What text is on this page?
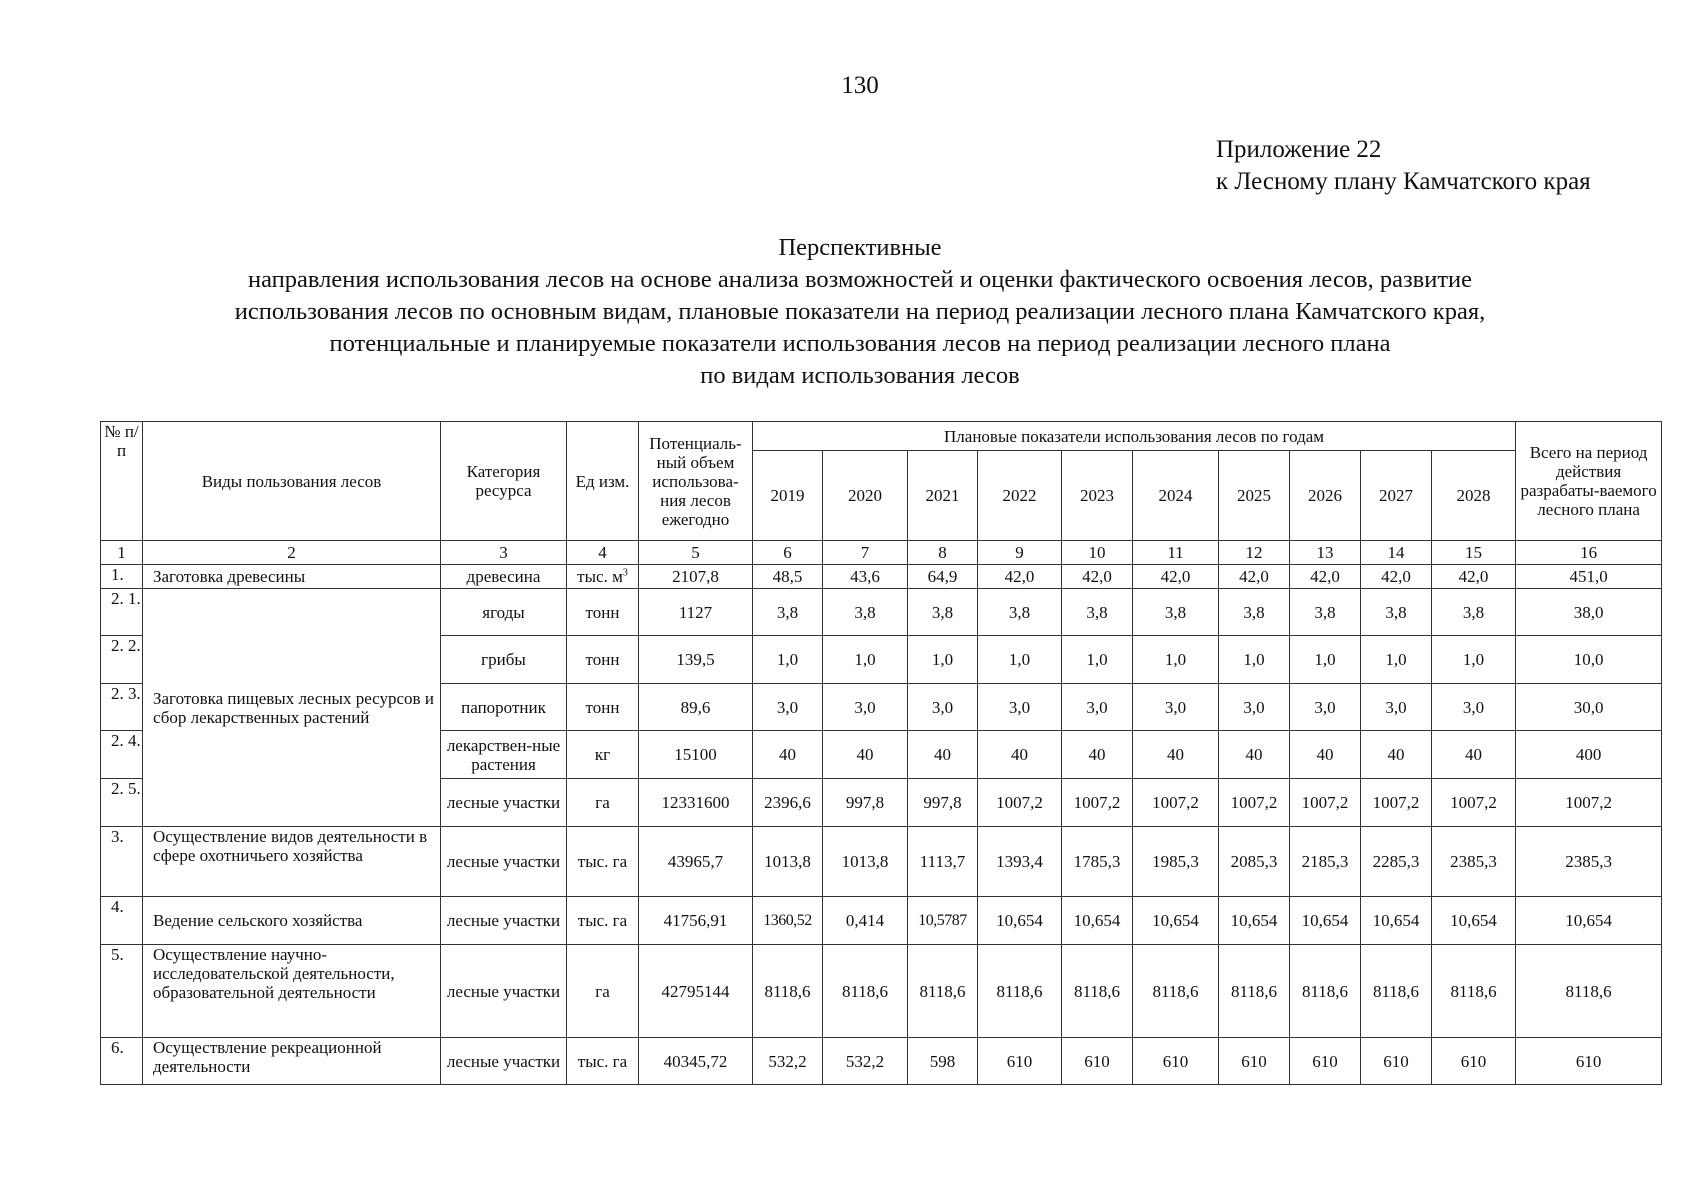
130
Приложение 22
к Лесному плану Камчатского края
Перспективные
направления использования лесов на основе анализа возможностей и оценки фактического освоения лесов, развитие
использования лесов по основным видам, плановые показатели на период реализации лесного плана Камчатского края,
потенциальные и планируемые показатели использования лесов на период реализации лесного плана
по видам использования лесов
№ п/ п	Виды пользования лесов	Категория ресурса	Ед изм.	Потенциаль-ный объем использова-ния лесов ежегодно	Плановые показатели использования лесов по годам										Всего на период действия разрабаты-ваемого лесного плана
					2019	2020	2021	2022	2023	2024	2025	2026	2027	2028	
1	2	3	4	5	6	7	8	9	10	11	12	13	14	15	16
1.	Заготовка древесины	древесина	тыс. $м^3$	2107,8	48,5	43,6	64,9	42,0	42,0	42,0	42,0	42,0	42,0	42,0	451,0
2. 1.	Заготовка пищевых лесных ресурсов и сбор лекарственных растений	ягоды	тонн	1127	3,8	3,8	3,8	3,8	3,8	3,8	3,8	3,8	3,8	3,8	38,0
2. 2.		грибы	тонн	139,5	1,0	1,0	1,0	1,0	1,0	1,0	1,0	1,0	1,0	1,0	10,0
2. 3.		папоротник	тонн	89,6	3,0	3,0	3,0	3,0	3,0	3,0	3,0	3,0	3,0	3,0	30,0
2. 4.		лекарствен-ные растения	кг	15100	40	40	40	40	40	40	40	40	40	40	400
2. 5.		лесные участки	га	12331600	2396,6	997,8	997,8	1007,2	1007,2	1007,2	1007,2	1007,2	1007,2	1007,2	1007,2
3.	Осуществление видов деятельности в сфере охотничьего хозяйства	лесные участки	тыс. га	43965,7	1013,8	1013,8	1113,7	1393,4	1785,3	1985,3	2085,3	2185,3	2285,3	2385,3	2385,3
4.	Ведение сельского хозяйства	лесные участки	тыс. га	41756,91	1360,52	0,414	10,5787	10,654	10,654	10,654	10,654	10,654	10,654	10,654	10,654
5.	Осуществление научно-исследовательской деятельности, образовательной деятельности	лесные участки	га	42795144	8118,6	8118,6	8118,6	8118,6	8118,6	8118,6	8118,6	8118,6	8118,6	8118,6	8118,6
6.	Осуществление рекреационной деятельности	лесные участки	тыс. га	40345,72	532,2	532,2	598	610	610	610	610	610	610	610	610
